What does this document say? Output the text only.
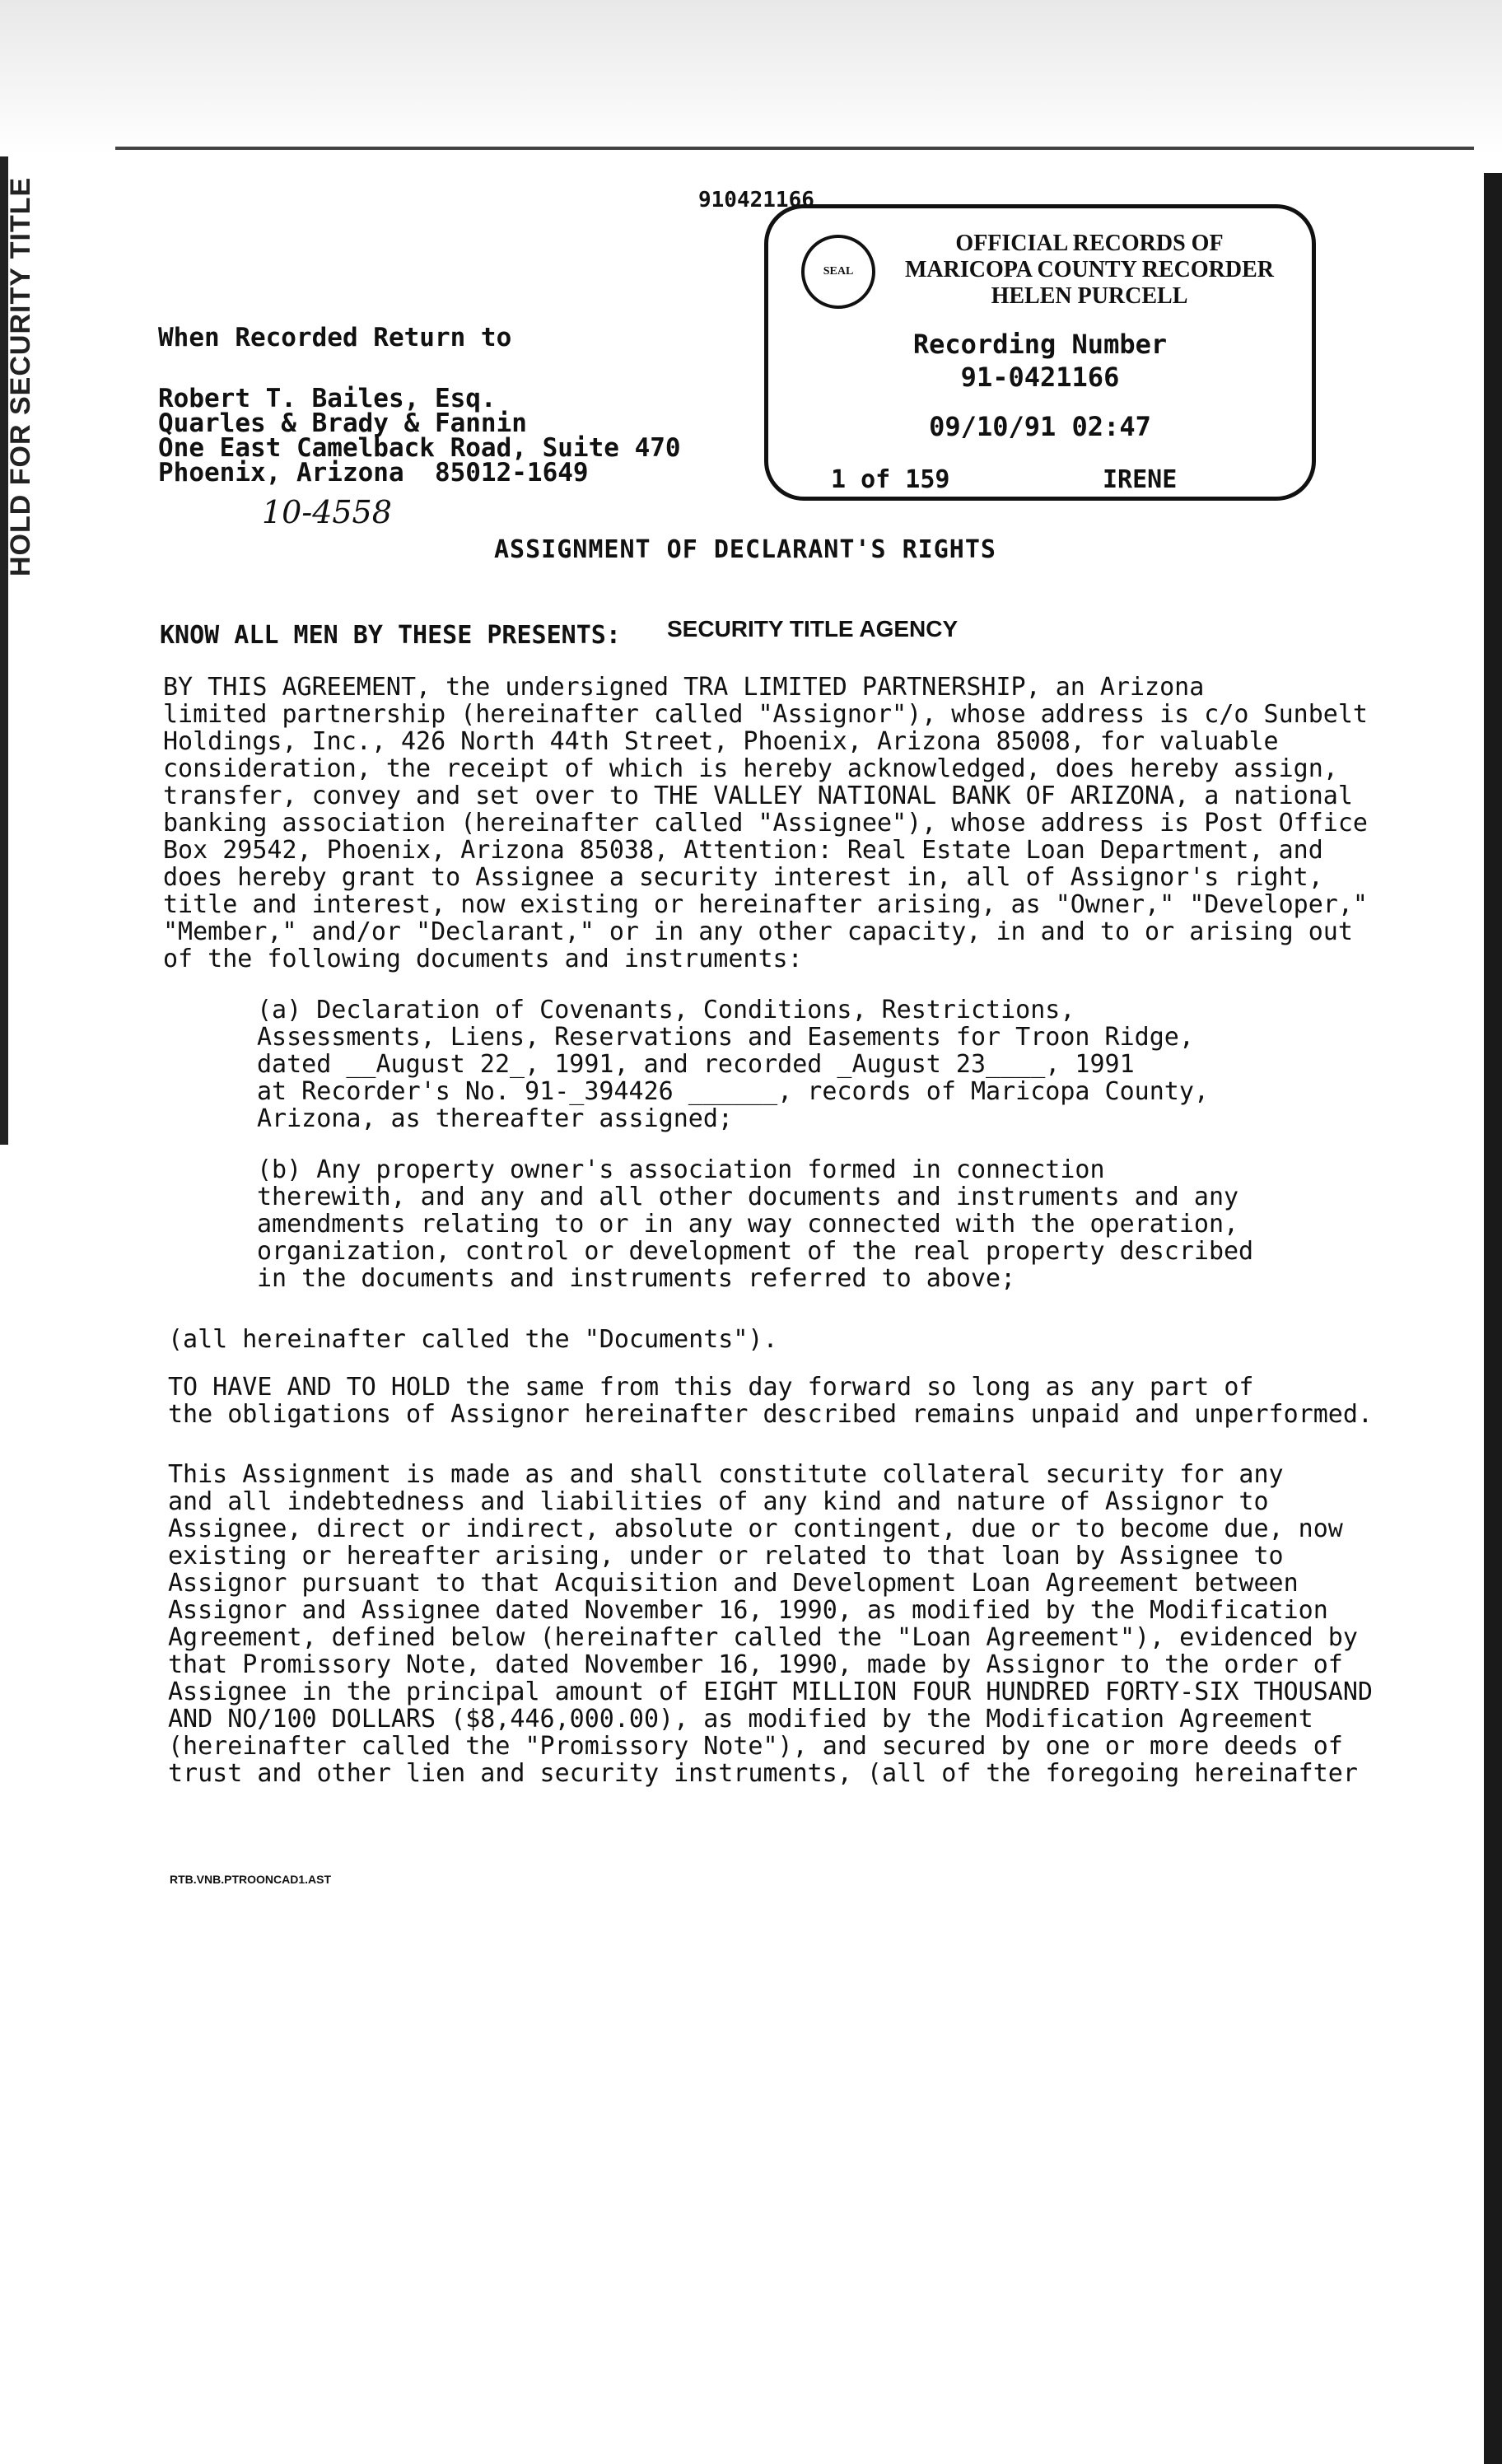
HOLD FOR SECURITY TITLE	910421166
SEAL
OFFICIAL RECORDS OF
MARICOPA COUNTY RECORDER
HELEN PURCELL
Recording Number
91-0421166
09/10/91 02:47
1 of 159	IRENE
When Recorded Return to
Robert T. Bailes, Esq.
Quarles & Brady & Fannin
One East Camelback Road, Suite 470
Phoenix, Arizona  85012-1649
10-4558
ASSIGNMENT OF DECLARANT'S RIGHTS
KNOW ALL MEN BY THESE PRESENTS: SECURITY TITLE AGENCY
BY THIS AGREEMENT, the undersigned TRA LIMITED PARTNERSHIP, an Arizona
limited partnership (hereinafter called "Assignor"), whose address is c/o Sunbelt
Holdings, Inc., 426 North 44th Street, Phoenix, Arizona 85008, for valuable
consideration, the receipt of which is hereby acknowledged, does hereby assign,
transfer, convey and set over to THE VALLEY NATIONAL BANK OF ARIZONA, a national
banking association (hereinafter called "Assignee"), whose address is Post Office
Box 29542, Phoenix, Arizona 85038, Attention: Real Estate Loan Department, and
does hereby grant to Assignee a security interest in, all of Assignor's right,
title and interest, now existing or hereinafter arising, as "Owner," "Developer,"
"Member," and/or "Declarant," or in any other capacity, in and to or arising out
of the following documents and instruments:
(a) Declaration of Covenants, Conditions, Restrictions,
Assessments, Liens, Reservations and Easements for Troon Ridge,
dated __August 22_, 1991, and recorded _August 23____, 1991
at Recorder's No. 91-_394426 ______, records of Maricopa County,
Arizona, as thereafter assigned;
(b) Any property owner's association formed in connection
therewith, and any and all other documents and instruments and any
amendments relating to or in any way connected with the operation,
organization, control or development of the real property described
in the documents and instruments referred to above;
(all hereinafter called the "Documents").
TO HAVE AND TO HOLD the same from this day forward so long as any part of
the obligations of Assignor hereinafter described remains unpaid and unperformed.
This Assignment is made as and shall constitute collateral security for any
and all indebtedness and liabilities of any kind and nature of Assignor to
Assignee, direct or indirect, absolute or contingent, due or to become due, now
existing or hereafter arising, under or related to that loan by Assignee to
Assignor pursuant to that Acquisition and Development Loan Agreement between
Assignor and Assignee dated November 16, 1990, as modified by the Modification
Agreement, defined below (hereinafter called the "Loan Agreement"), evidenced by
that Promissory Note, dated November 16, 1990, made by Assignor to the order of
Assignee in the principal amount of EIGHT MILLION FOUR HUNDRED FORTY-SIX THOUSAND
AND NO/100 DOLLARS ($8,446,000.00), as modified by the Modification Agreement
(hereinafter called the "Promissory Note"), and secured by one or more deeds of
trust and other lien and security instruments, (all of the foregoing hereinafter
RTB.VNB.PTROONCAD1.AST
